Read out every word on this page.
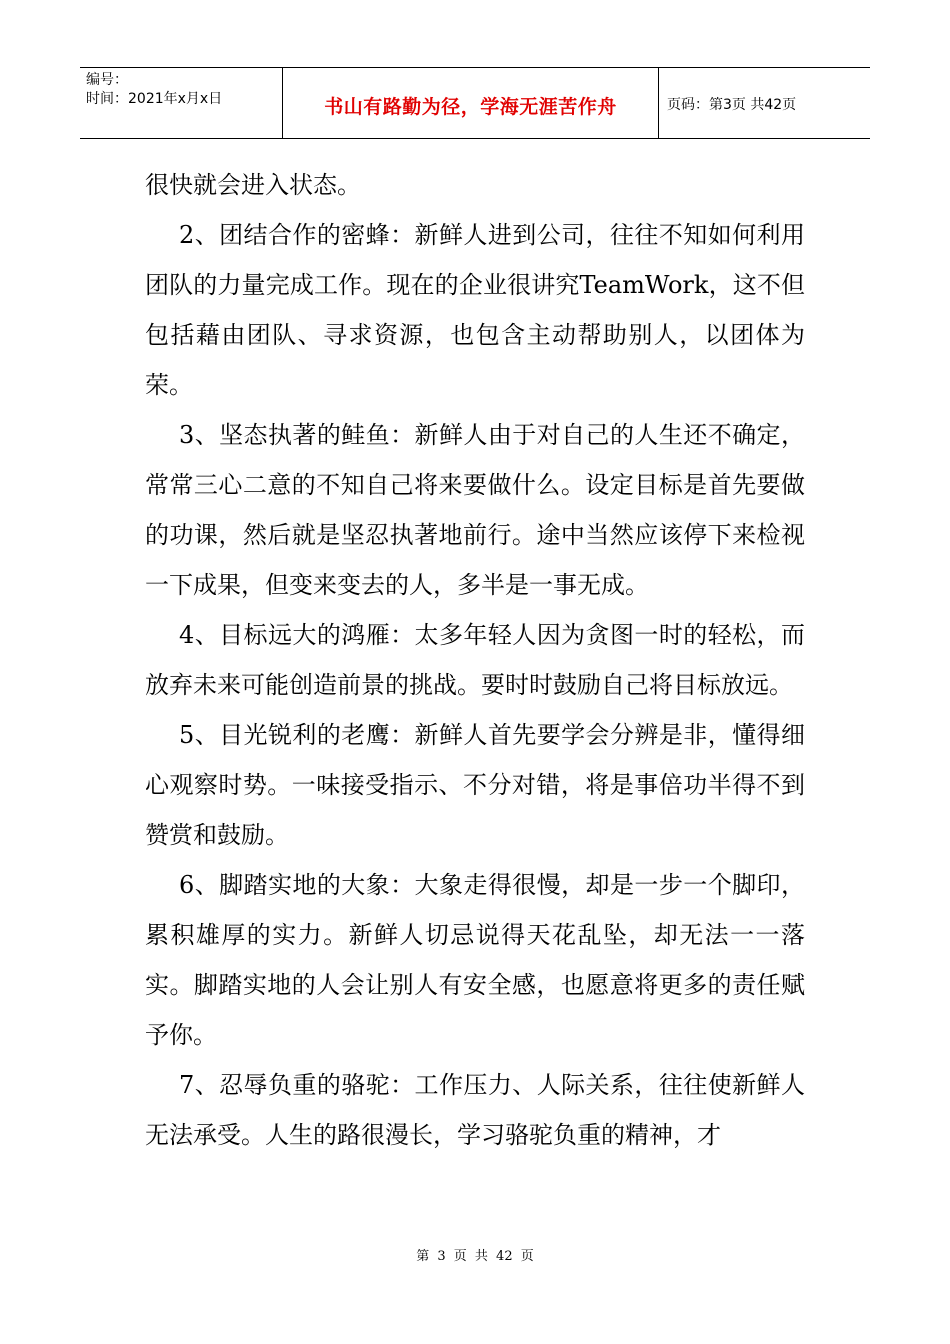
编号：
时间：2021年x月x日	书山有路勤为径，学海无涯苦作舟	页码：第3页 共42页

很快就会进入状态。

2、团结合作的密蜂：新鲜人进到公司，往往不知如何利用团队的力量完成工作。现在的企业很讲究TeamWork，这不但包括藉由团队、寻求资源，也包含主动帮助别人，以团体为荣。

3、坚态执著的鲑鱼：新鲜人由于对自己的人生还不确定，常常三心二意的不知自己将来要做什么。设定目标是首先要做的功课，然后就是坚忍执著地前行。途中当然应该停下来检视一下成果，但变来变去的人，多半是一事无成。

4、目标远大的鸿雁：太多年轻人因为贪图一时的轻松，而放弃未来可能创造前景的挑战。要时时鼓励自己将目标放远。

5、目光锐利的老鹰：新鲜人首先要学会分辨是非，懂得细心观察时势。一味接受指示、不分对错，将是事倍功半得不到赞赏和鼓励。

6、脚踏实地的大象：大象走得很慢，却是一步一个脚印，累积雄厚的实力。新鲜人切忌说得天花乱坠，却无法一一落实。脚踏实地的人会让别人有安全感，也愿意将更多的责任赋予你。

7、忍辱负重的骆驼：工作压力、人际关系，往往使新鲜人无法承受。人生的路很漫长，学习骆驼负重的精神，才

第 3 页 共 42 页
